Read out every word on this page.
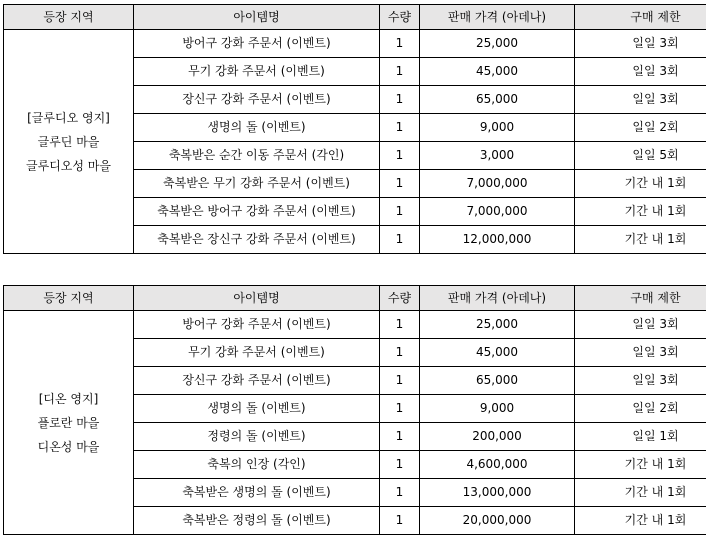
등장 지역	아이템명	수량	판매 가격 (아데나)	구매 제한

[글루디오 영지]
글루딘 마을
글루디오성 마을	방어구 강화 주문서 (이벤트)	1	25,000	일일 3회
	무기 강화 주문서 (이벤트)	1	45,000	일일 3회
	장신구 강화 주문서 (이벤트)	1	65,000	일일 3회
	생명의 돌 (이벤트)	1	9,000	일일 2회
	축복받은 순간 이동 주문서 (각인)	1	3,000	일일 5회
	축복받은 무기 강화 주문서 (이벤트)	1	7,000,000	기간 내 1회
	축복받은 방어구 강화 주문서 (이벤트)	1	7,000,000	기간 내 1회
	축복받은 장신구 강화 주문서 (이벤트)	1	12,000,000	기간 내 1회
등장 지역	아이템명	수량	판매 가격 (아데나)	구매 제한

[디온 영지]
플로란 마을
디온성 마을	방어구 강화 주문서 (이벤트)	1	25,000	일일 3회
	무기 강화 주문서 (이벤트)	1	45,000	일일 3회
	장신구 강화 주문서 (이벤트)	1	65,000	일일 3회
	생명의 돌 (이벤트)	1	9,000	일일 2회
	정령의 돌 (이벤트)	1	200,000	일일 1회
	축복의 인장 (각인)	1	4,600,000	기간 내 1회
	축복받은 생명의 돌 (이벤트)	1	13,000,000	기간 내 1회
	축복받은 정령의 돌 (이벤트)	1	20,000,000	기간 내 1회
